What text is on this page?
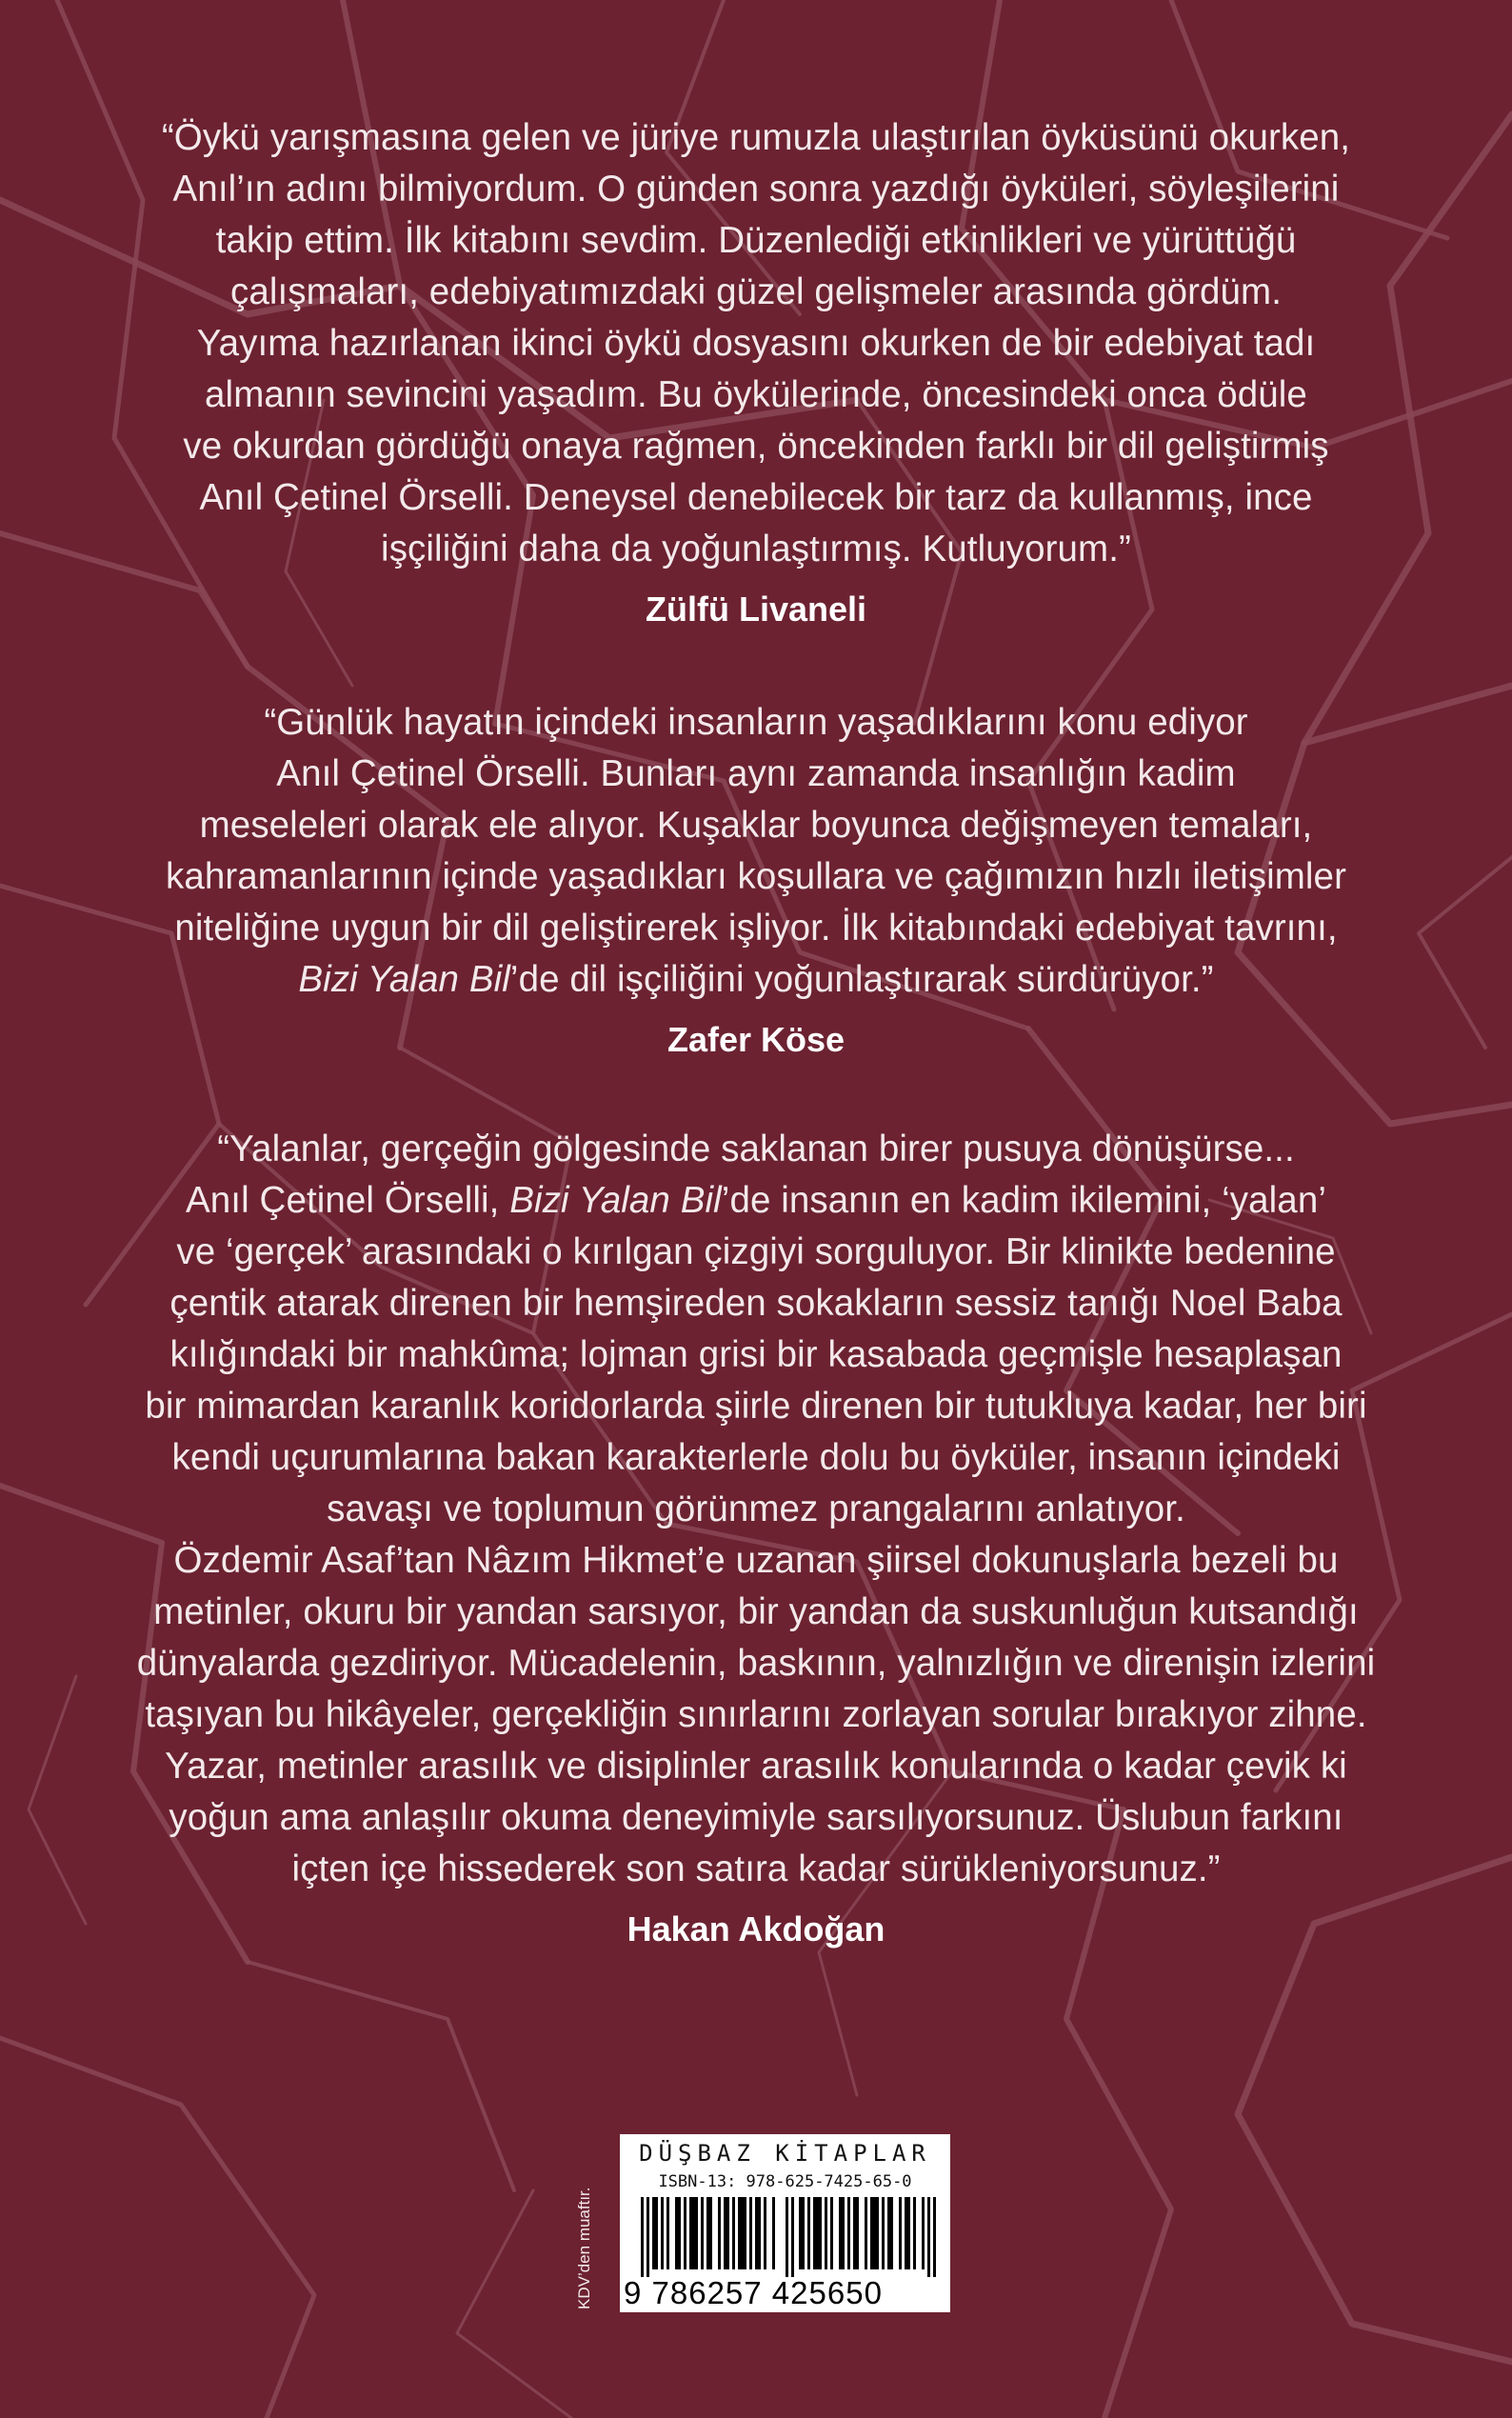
“Öykü yarışmasına gelen ve jüriye rumuzla ulaştırılan öyküsünü okurken,
Anıl’ın adını bilmiyordum. O günden sonra yazdığı öyküleri, söyleşilerini
takip ettim. İlk kitabını sevdim. Düzenlediği etkinlikleri ve yürüttüğü
çalışmaları, edebiyatımızdaki güzel gelişmeler arasında gördüm.
Yayıma hazırlanan ikinci öykü dosyasını okurken de bir edebiyat tadı
almanın sevincini yaşadım. Bu öykülerinde, öncesindeki onca ödüle
ve okurdan gördüğü onaya rağmen, öncekinden farklı bir dil geliştirmiş
Anıl Çetinel Örselli. Deneysel denebilecek bir tarz da kullanmış, ince
işçiliğini daha da yoğunlaştırmış. Kutluyorum.”
Zülfü Livaneli
“Günlük hayatın içindeki insanların yaşadıklarını konu ediyor
Anıl Çetinel Örselli. Bunları aynı zamanda insanlığın kadim
meseleleri olarak ele alıyor. Kuşaklar boyunca değişmeyen temaları,
kahramanlarının içinde yaşadıkları koşullara ve çağımızın hızlı iletişimler
niteliğine uygun bir dil geliştirerek işliyor. İlk kitabındaki edebiyat tavrını,
Bizi Yalan Bil’de dil işçiliğini yoğunlaştırarak sürdürüyor.”
Zafer Köse
“Yalanlar, gerçeğin gölgesinde saklanan birer pusuya dönüşürse...
Anıl Çetinel Örselli, Bizi Yalan Bil’de insanın en kadim ikilemini, ‘yalan’
ve ‘gerçek’ arasındaki o kırılgan çizgiyi sorguluyor. Bir klinikte bedenine
çentik atarak direnen bir hemşireden sokakların sessiz tanığı Noel Baba
kılığındaki bir mahkûma; lojman grisi bir kasabada geçmişle hesaplaşan
bir mimardan karanlık koridorlarda şiirle direnen bir tutukluya kadar, her biri
kendi uçurumlarına bakan karakterlerle dolu bu öyküler, insanın içindeki
savaşı ve toplumun görünmez prangalarını anlatıyor.
Özdemir Asaf’tan Nâzım Hikmet’e uzanan şiirsel dokunuşlarla bezeli bu
metinler, okuru bir yandan sarsıyor, bir yandan da suskunluğun kutsandığı
dünyalarda gezdiriyor. Mücadelenin, baskının, yalnızlığın ve direnişin izlerini
taşıyan bu hikâyeler, gerçekliğin sınırlarını zorlayan sorular bırakıyor zihne.
Yazar, metinler arasılık ve disiplinler arasılık konularında o kadar çevik ki
yoğun ama anlaşılır okuma deneyimiyle sarsılıyorsunuz. Üslubun farkını
içten içe hissederek son satıra kadar sürükleniyorsunuz.”
Hakan Akdoğan
KDV’den muaftır.
DÜŞBAZ KİTAPLAR
ISBN-13: 978-625-7425-65-0
9 786257 425650
